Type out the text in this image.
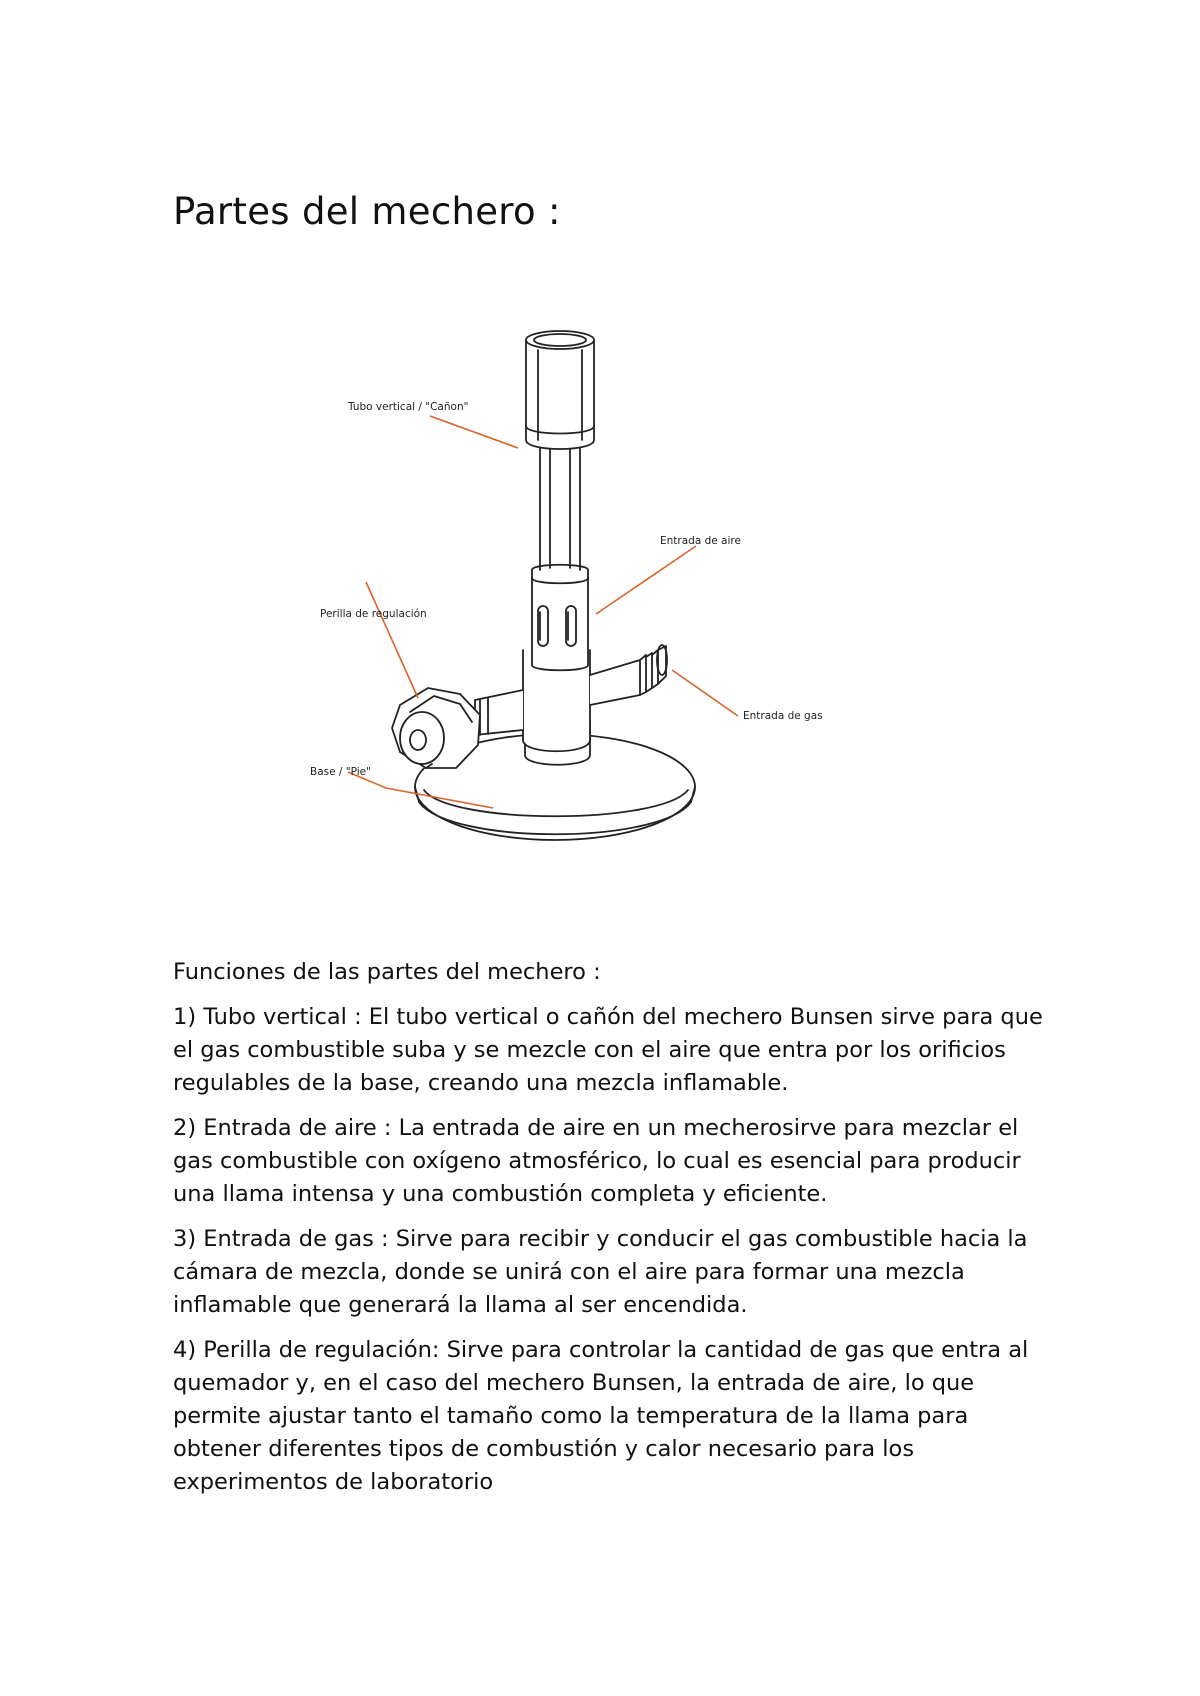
Partes del mechero :
Tubo vertical / "Cañon"
Entrada de aire
Perilla de regulación
Entrada de gas
Base / "Pie"

Funciones de las partes del mechero :

1) Tubo vertical : El tubo vertical o cañón del mechero Bunsen sirve para que el gas combustible suba y se mezcle con el aire que entra por los orificios regulables de la base, creando una mezcla inflamable.

2) Entrada de aire : La entrada de aire en un mecherosirve para mezclar el gas combustible con oxígeno atmosférico, lo cual es esencial para producir una llama intensa y una combustión completa y eficiente.

3) Entrada de gas : Sirve para recibir y conducir el gas combustible hacia la cámara de mezcla, donde se unirá con el aire para formar una mezcla inflamable que generará la llama al ser encendida.

4) Perilla de regulación: Sirve para controlar la cantidad de gas que entra al quemador y, en el caso del mechero Bunsen, la entrada de aire, lo que permite ajustar tanto el tamaño como la temperatura de la llama para obtener diferentes tipos de combustión y calor necesario para los experimentos de laboratorio
